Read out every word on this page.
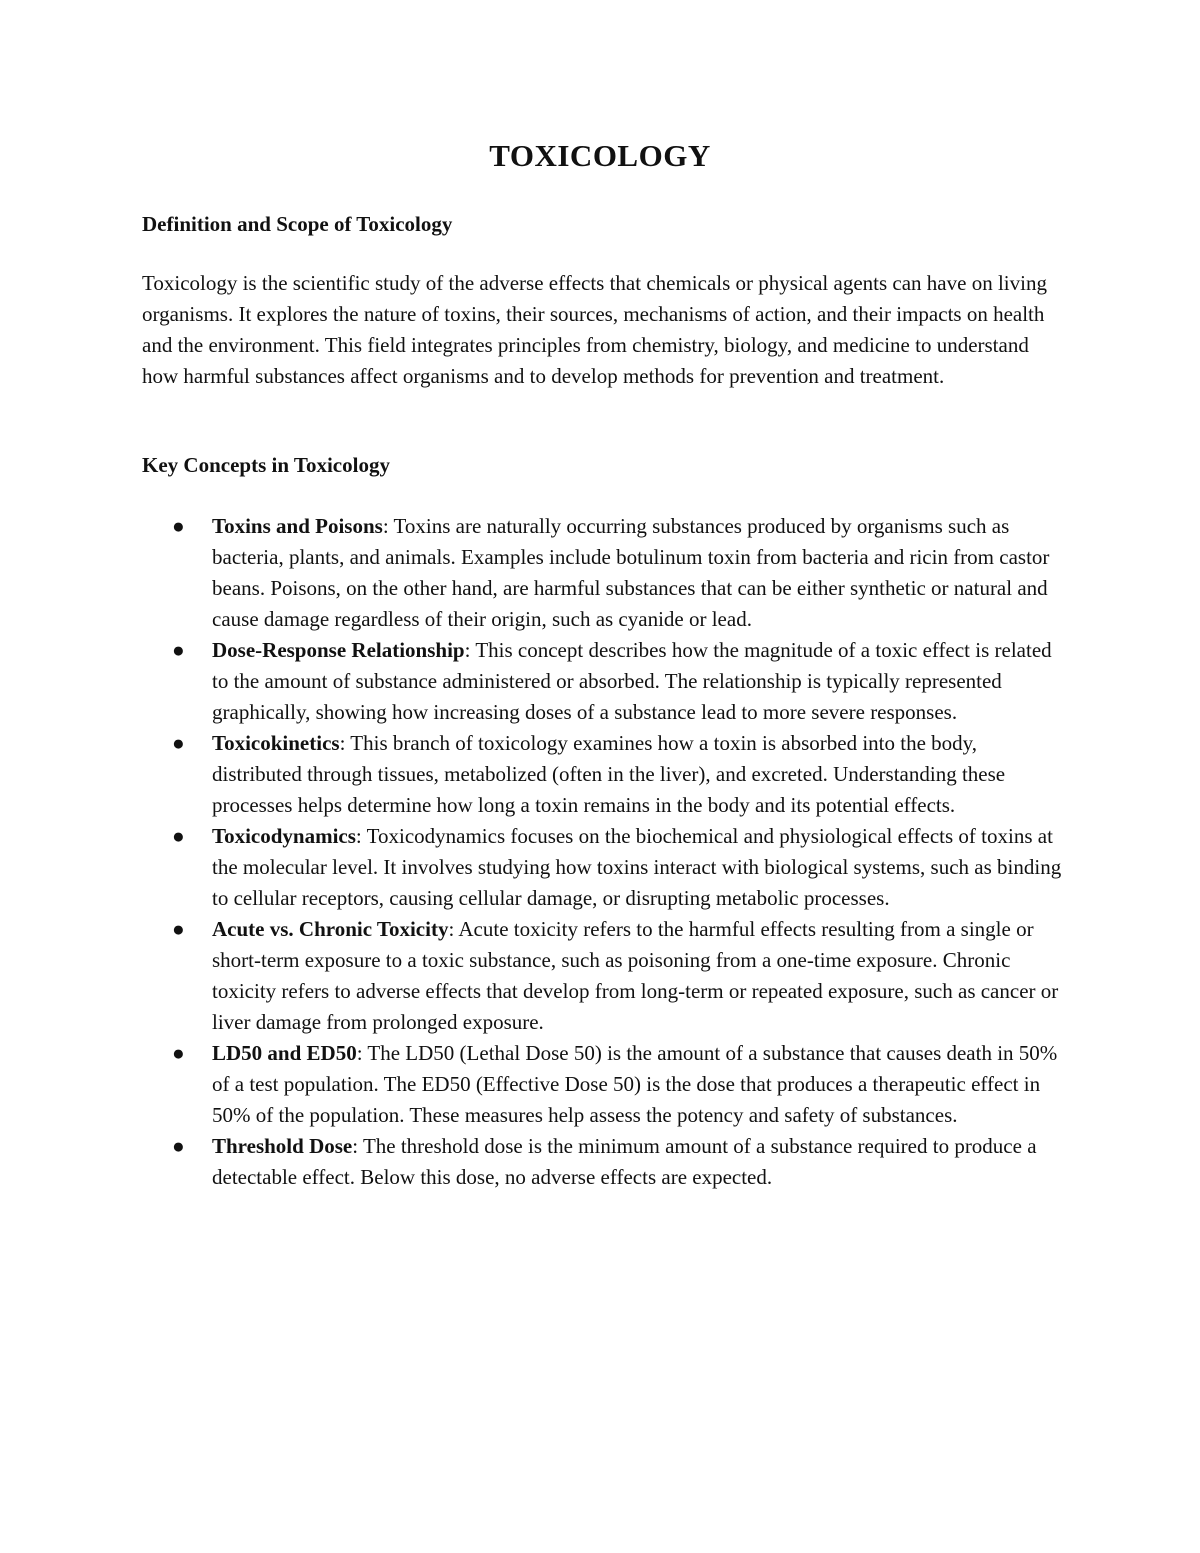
TOXICOLOGY
Definition and Scope of Toxicology

Toxicology is the scientific study of the adverse effects that chemicals or physical agents can have on living organisms. It explores the nature of toxins, their sources, mechanisms of action, and their impacts on health and the environment. This field integrates principles from chemistry, biology, and medicine to understand how harmful substances affect organisms and to develop methods for prevention and treatment.

Key Concepts in Toxicology
● Toxins and Poisons: Toxins are naturally occurring substances produced by organisms such as bacteria, plants, and animals. Examples include botulinum toxin from bacteria and ricin from castor beans. Poisons, on the other hand, are harmful substances that can be either synthetic or natural and cause damage regardless of their origin, such as cyanide or lead.
● Dose-Response Relationship: This concept describes how the magnitude of a toxic effect is related to the amount of substance administered or absorbed. The relationship is typically represented graphically, showing how increasing doses of a substance lead to more severe responses.
● Toxicokinetics: This branch of toxicology examines how a toxin is absorbed into the body, distributed through tissues, metabolized (often in the liver), and excreted. Understanding these processes helps determine how long a toxin remains in the body and its potential effects.
● Toxicodynamics: Toxicodynamics focuses on the biochemical and physiological effects of toxins at the molecular level. It involves studying how toxins interact with biological systems, such as binding to cellular receptors, causing cellular damage, or disrupting metabolic processes.
● Acute vs. Chronic Toxicity: Acute toxicity refers to the harmful effects resulting from a single or short-term exposure to a toxic substance, such as poisoning from a one-time exposure. Chronic toxicity refers to adverse effects that develop from long-term or repeated exposure, such as cancer or liver damage from prolonged exposure.
● LD50 and ED50: The LD50 (Lethal Dose 50) is the amount of a substance that causes death in 50% of a test population. The ED50 (Effective Dose 50) is the dose that produces a therapeutic effect in 50% of the population. These measures help assess the potency and safety of substances.
● Threshold Dose: The threshold dose is the minimum amount of a substance required to produce a detectable effect. Below this dose, no adverse effects are expected.
